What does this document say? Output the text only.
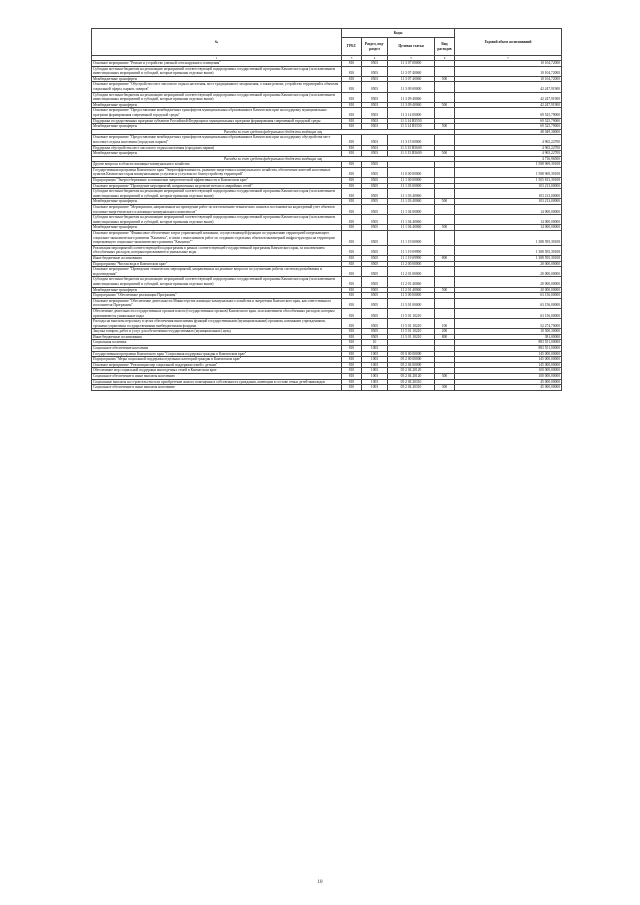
№	Коды				Годовой объем ассигнований
	ГРБС	Раздел, под-раздел	Целевая статья	Вид расходов	
1	3	4	5	6	7
Основное мероприятие "Ремонт и устройство уличной сети наружного освещения"	810	0503	11 3 07 00000		10 104,72000
Субсидии местным бюджетам на реализацию мероприятий соответствующей подпрограммы государственной программы Камчатского края (за исключением инвестиционных мероприятий и субсидий, которые признаны отдельно выше)	810	0503	11 3 07 40060		10 104,72000
Межбюджетные трансферты	810	0503	11 3 07 40060	500	10 104,72000
Основное мероприятие "Обустройство мест массового отдыха населения, мест традиционного захоронения, а также ремонт, устройство территорий к объектам социальной сферы, парков, скверов"	810	0503	11 3 09 00000		42 247,91900
Субсидии местным бюджетам на реализацию мероприятий соответствующей подпрограммы государственной программы Камчатского края (за исключением инвестиционных мероприятий и субсидий, которые признаны отдельно выше)	810	0503	11 3 09 40060		42 247,91900
Межбюджетные трансферты	810	0503	11 3 09 40060	500	42 247,91900
Основное мероприятие "Предоставление межбюджетных трансфертов муниципальным образованиям в Камчатском крае на поддержку муниципальных программ формирования современной городской среды"	810	0503	11 3 14 00000		69 525,79000
Поддержка государственных программ субъектов Российской Федерации и муниципальных программ формирования современной городской среды	810	0503	11 3 14 R5550		69 525,79000
Межбюджетные трансферты	810	0503	11 3 14 R5550	500	69 525,79000
Расходы за счет средств федерального бюджета входящих лиц					48 049,38000
Основное мероприятие "Предоставление межбюджетных трансфертов муниципальным образованиям в Камчатском крае на поддержку обустройства мест массового отдыха населения (городских парков)"	810	0503	11 3 15 00000		4 965,22700
Поддержка обустройства мест массового отдыха населения (городских парков)	810	0503	11 3 15 R5600		4 965,22700
Межбюджетные трансферты	810	0503	11 3 15 R5600	500	4 965,22700
Расходы за счет средств федерального бюджета входящих лиц					4 716,96500
Другие вопросы в области жилищно-коммунального хозяйства	810	0505			1 588 969,39108
Государственная программа Камчатского края "Энергоэффективность, развитие энергетики и коммунального хозяйства, обеспечение жителей населенных пунктов Камчатского края коммунальными услугами и услугами по благоустройству территорий"	810	0505	11 0 00 00000		1 588 969,39108
Подпрограмма "Энергосбережение и повышение энергетической эффективности в Камчатском крае"	810	0505	11 1 00 00000		1 505 813,39108
Основное мероприятие "Проведение мероприятий, направленных на ремонт ветхих и аварийных сетей"	810	0505	11 1 03 00000		103 213,00000
Субсидии местным бюджетам на реализацию мероприятий соответствующей подпрограммы государственной программы Камчатского края (за исключением инвестиционных мероприятий и субсидий, которые признаны отдельно выше)	810	0505	11 1 03 40060		103 213,00000
Межбюджетные трансферты	810	0505	11 1 03 40060	500	103 213,00000
Основное мероприятие "Мероприятия, направленные на проведение работ по изготовлению технических планов и постановке на кадастровый учет объектов топливно-энергетического и жилищно-коммунального комплексов"	810	0505	11 1 04 00000		14 000,00000
Субсидии местным бюджетам на реализацию мероприятий соответствующей подпрограммы государственной программы Камчатского края (за исключением инвестиционных мероприятий и субсидий, которые признаны отдельно выше)	810	0505	11 1 04 40060		14 000,00000
Межбюджетные трансферты	810	0505	11 1 04 40060	500	14 000,00000
Основное мероприятие "Финансовое обеспечение затрат управляющей компании, осуществляющей функции по управлению территорией опережающего социально-экономического развития "Камчатка", в связи с выполнением работ по созданию отдельных объектов инженерной инфраструктуры на территории опережающего социально-экономического развития "Камчатка""	810	0505	11 1 19 00000		1 388 595,39108
Реализация мероприятий соответствующей подпрограммы в рамках соответствующей государственной программы Камчатского края, за исключением обособленных расходов, которым присваиваются уникальные коды	810	0505	11 1 19 09990		1 388 595,39108
Иные бюджетные ассигнования	810	0505	11 1 19 09990	800	1 388 595,39108
Подпрограмма "Чистая вода в Камчатском крае"	810	0505	11 2 00 00000		20 000,00000
Основное мероприятие "Проведение технических мероприятий, направленных на решение вопросов по улучшению работы систем водоснабжения и водоотведения"	810	0505	11 2 01 00000		20 000,00000
Субсидии местным бюджетам на реализацию мероприятий соответствующей подпрограммы государственной программы Камчатского края (за исключением инвестиционных мероприятий и субсидий, которые признаны отдельно выше)	810	0505	11 2 01 40060		20 000,00000
Межбюджетные трансферты	810	0505	11 2 01 40060	500	20 000,00000
Подпрограмма "Обеспечение реализации Программы"	810	0505	11 5 00 00000		63 156,00000
Основное мероприятие "Обеспечение деятельности Министерства жилищно-коммунального хозяйства и энергетики Камчатского края, как ответственного исполнителя Программы"	810	0505	11 5 01 00000		63 156,00000
Обеспечение деятельности государственных органов власти (государственных органов) Камчатского края, за исключением обособленных расходов, которым присваиваются уникальные коды	810	0505	11 5 01 10210		63 156,00000
Расходы на выплаты персоналу в целях обеспечения выполнения функций государственными (муниципальными) органами, казенными учреждениями, органами управления государственными внебюджетными фондами	810	0505	11 5 01 10210	100	52 274,70000
Закупка товаров, работ и услуг для обеспечения государственных (муниципальных) нужд	810	0505	11 5 01 10210	200	10 500,30000
Иные бюджетные ассигнования	810	0505	11 5 01 10210	800	381,00000
Социальная политика	810	10			883 551,00000
Социальное обеспечение населения	810	1003			883 551,00000
Государственная программа Камчатского края "Социальная поддержка граждан в Камчатском крае"	810	1003	05 0 00 00000		145 000,00000
Подпрограмма "Меры социальной поддержки отдельных категорий граждан в Камчатском крае"	810	1003	05 2 00 00000		145 000,00000
Основное мероприятие "Реализация мер социальной поддержки семей с детьми"	810	1003	05 2 04 00000		145 000,00000
Обеспечение мер социальной поддержки многодетных семей в Камчатском крае	810	1003	05 2 04 20120		100 000,00000
Социальное обеспечение и иные выплаты населению	810	1003	05 2 04 20120	300	100 000,00000
Социальные выплаты на строительство или приобретение жилого помещения в собственность гражданам, имеющим в составе семьи детей-инвалидов	810	1003	05 2 04 20310		45 000,00000
Социальное обеспечение и иные выплаты населению	810	1003	05 2 04 20310	300	45 000,00000
10
